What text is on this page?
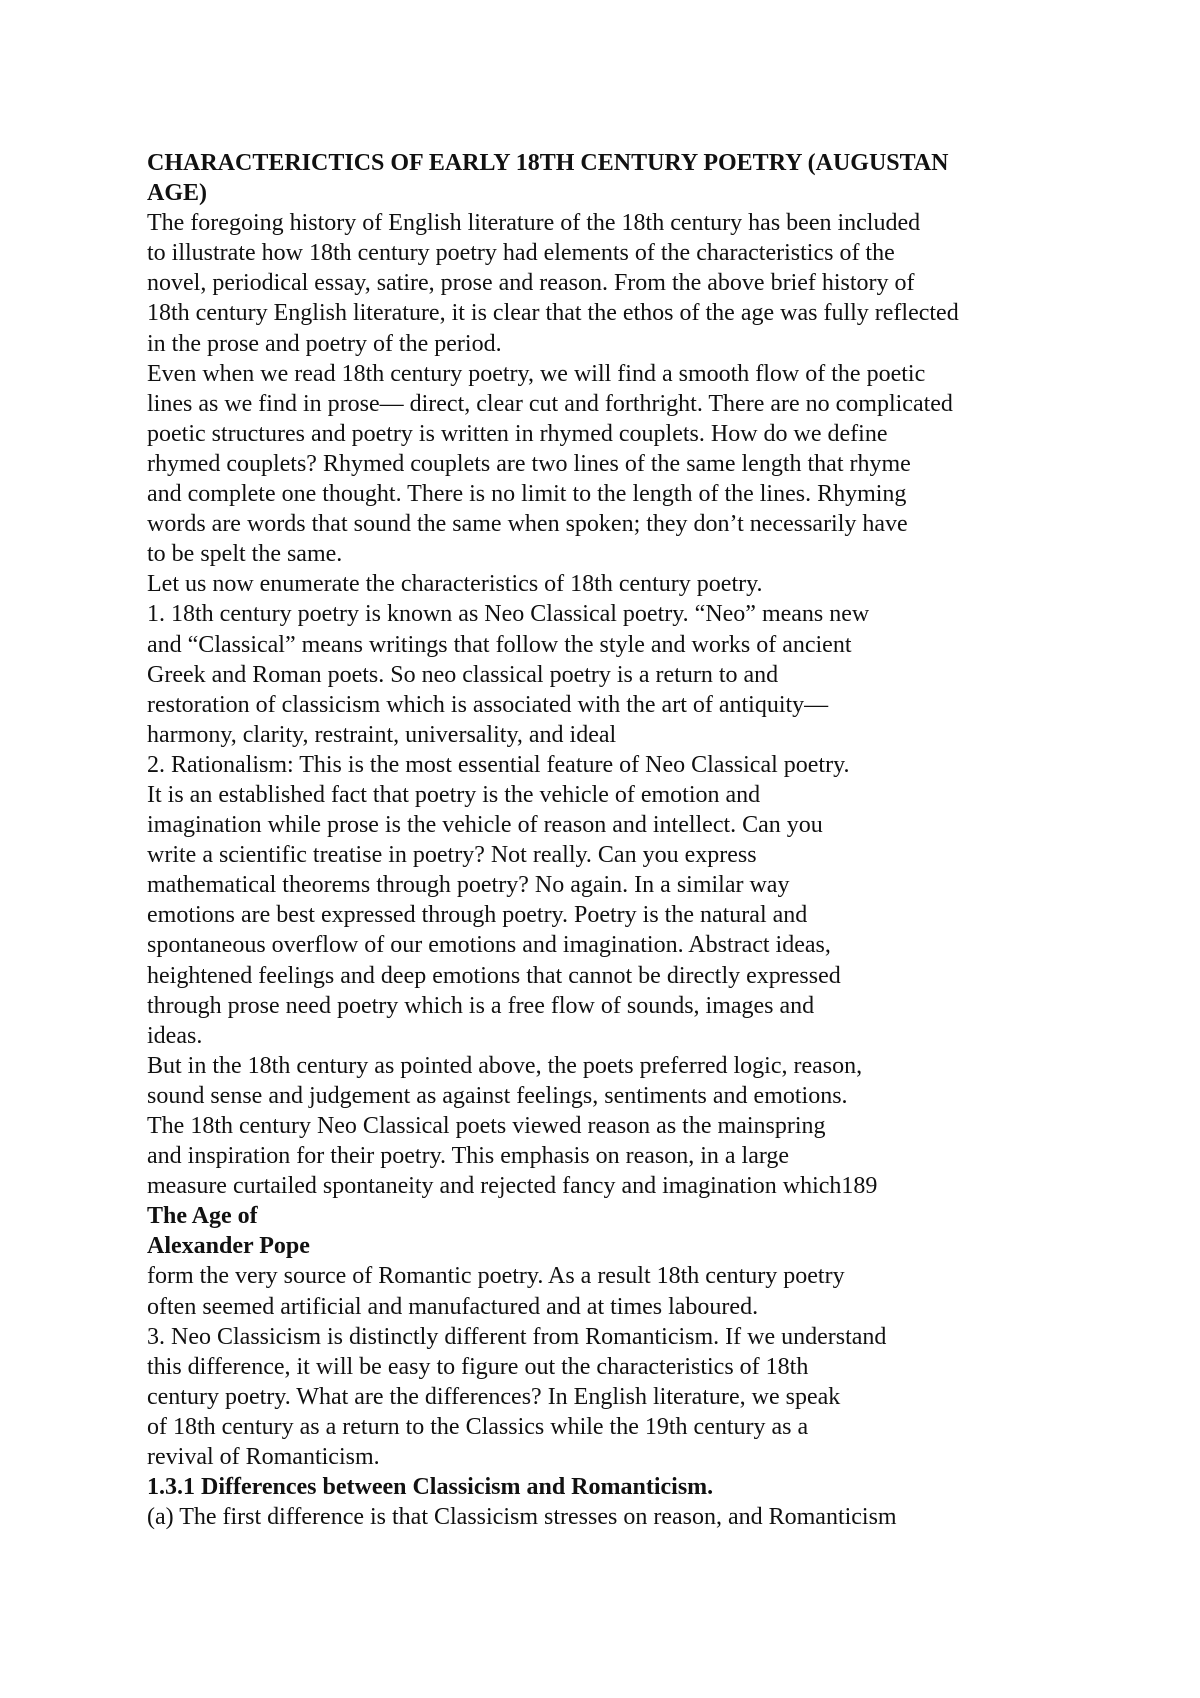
CHARACTERICTICS OF EARLY 18TH CENTURY POETRY (AUGUSTAN
AGE)
The foregoing history of English literature of the 18th century has been included
to illustrate how 18th century poetry had elements of the characteristics of the
novel, periodical essay, satire, prose and reason. From the above brief history of
18th century English literature, it is clear that the ethos of the age was fully reflected
in the prose and poetry of the period.
Even when we read 18th century poetry, we will find a smooth flow of the poetic
lines as we find in prose— direct, clear cut and forthright. There are no complicated
poetic structures and poetry is written in rhymed couplets. How do we define
rhymed couplets? Rhymed couplets are two lines of the same length that rhyme
and complete one thought. There is no limit to the length of the lines. Rhyming
words are words that sound the same when spoken; they don’t necessarily have
to be spelt the same.
Let us now enumerate the characteristics of 18th century poetry.
1. 18th century poetry is known as Neo Classical poetry. “Neo” means new
and “Classical” means writings that follow the style and works of ancient
Greek and Roman poets. So neo classical poetry is a return to and
restoration of classicism which is associated with the art of antiquity—
harmony, clarity, restraint, universality, and ideal
2. Rationalism: This is the most essential feature of Neo Classical poetry.
It is an established fact that poetry is the vehicle of emotion and
imagination while prose is the vehicle of reason and intellect. Can you
write a scientific treatise in poetry? Not really. Can you express
mathematical theorems through poetry? No again. In a similar way
emotions are best expressed through poetry. Poetry is the natural and
spontaneous overflow of our emotions and imagination. Abstract ideas,
heightened feelings and deep emotions that cannot be directly expressed
through prose need poetry which is a free flow of sounds, images and
ideas.
But in the 18th century as pointed above, the poets preferred logic, reason,
sound sense and judgement as against feelings, sentiments and emotions.
The 18th century Neo Classical poets viewed reason as the mainspring
and inspiration for their poetry. This emphasis on reason, in a large
measure curtailed spontaneity and rejected fancy and imagination which189
The Age of
Alexander Pope
form the very source of Romantic poetry. As a result 18th century poetry
often seemed artificial and manufactured and at times laboured.
3. Neo Classicism is distinctly different from Romanticism. If we understand
this difference, it will be easy to figure out the characteristics of 18th
century poetry. What are the differences? In English literature, we speak
of 18th century as a return to the Classics while the 19th century as a
revival of Romanticism.
1.3.1 Differences between Classicism and Romanticism.
(a) The first difference is that Classicism stresses on reason, and Romanticism
